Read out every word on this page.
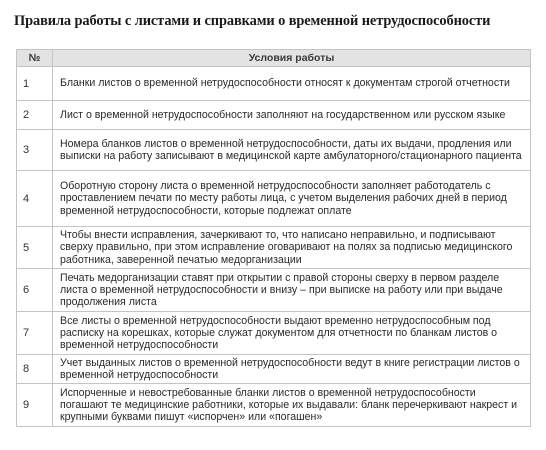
Правила работы с листами и справками о временной нетрудоспособности
№	Условия работы
1	Бланки листов о временной нетрудоспособности относят к документам строгой отчетности
2	Лист о временной нетрудоспособности заполняют на государственном или русском языке
3	Номера бланков листов о временной нетрудоспособности, даты их выдачи, продления или выписки на работу записывают в медицинской карте амбулаторного/стационарного пациента
4	Оборотную сторону листа о временной нетрудоспособности заполняет работодатель с проставлением печати по месту работы лица, с учетом выделения рабочих дней в период временной нетрудоспособности, которые подлежат оплате
5	Чтобы внести исправления, зачеркивают то, что написано неправильно, и подписывают сверху правильно, при этом исправление оговаривают на полях за подписью медицинского работника, заверенной печатью медорганизации
6	Печать медорганизации ставят при открытии с правой стороны сверху в первом разделе листа о временной нетрудоспособности и внизу – при выписке на работу или при выдаче продолжения листа
7	Все листы о временной нетрудоспособности выдают временно нетрудоспособным под расписку на корешках, которые служат документом для отчетности по бланкам листов о временной нетрудоспособности
8	Учет выданных листов о временной нетрудоспособности ведут в книге регистрации листов о временной нетрудоспособности
9	Испорченные и невостребованные бланки листов о временной нетрудоспособности погашают те медицинские работники, которые их выдавали: бланк перечеркивают накрест и крупными буквами пишут «испорчен» или «погашен»
